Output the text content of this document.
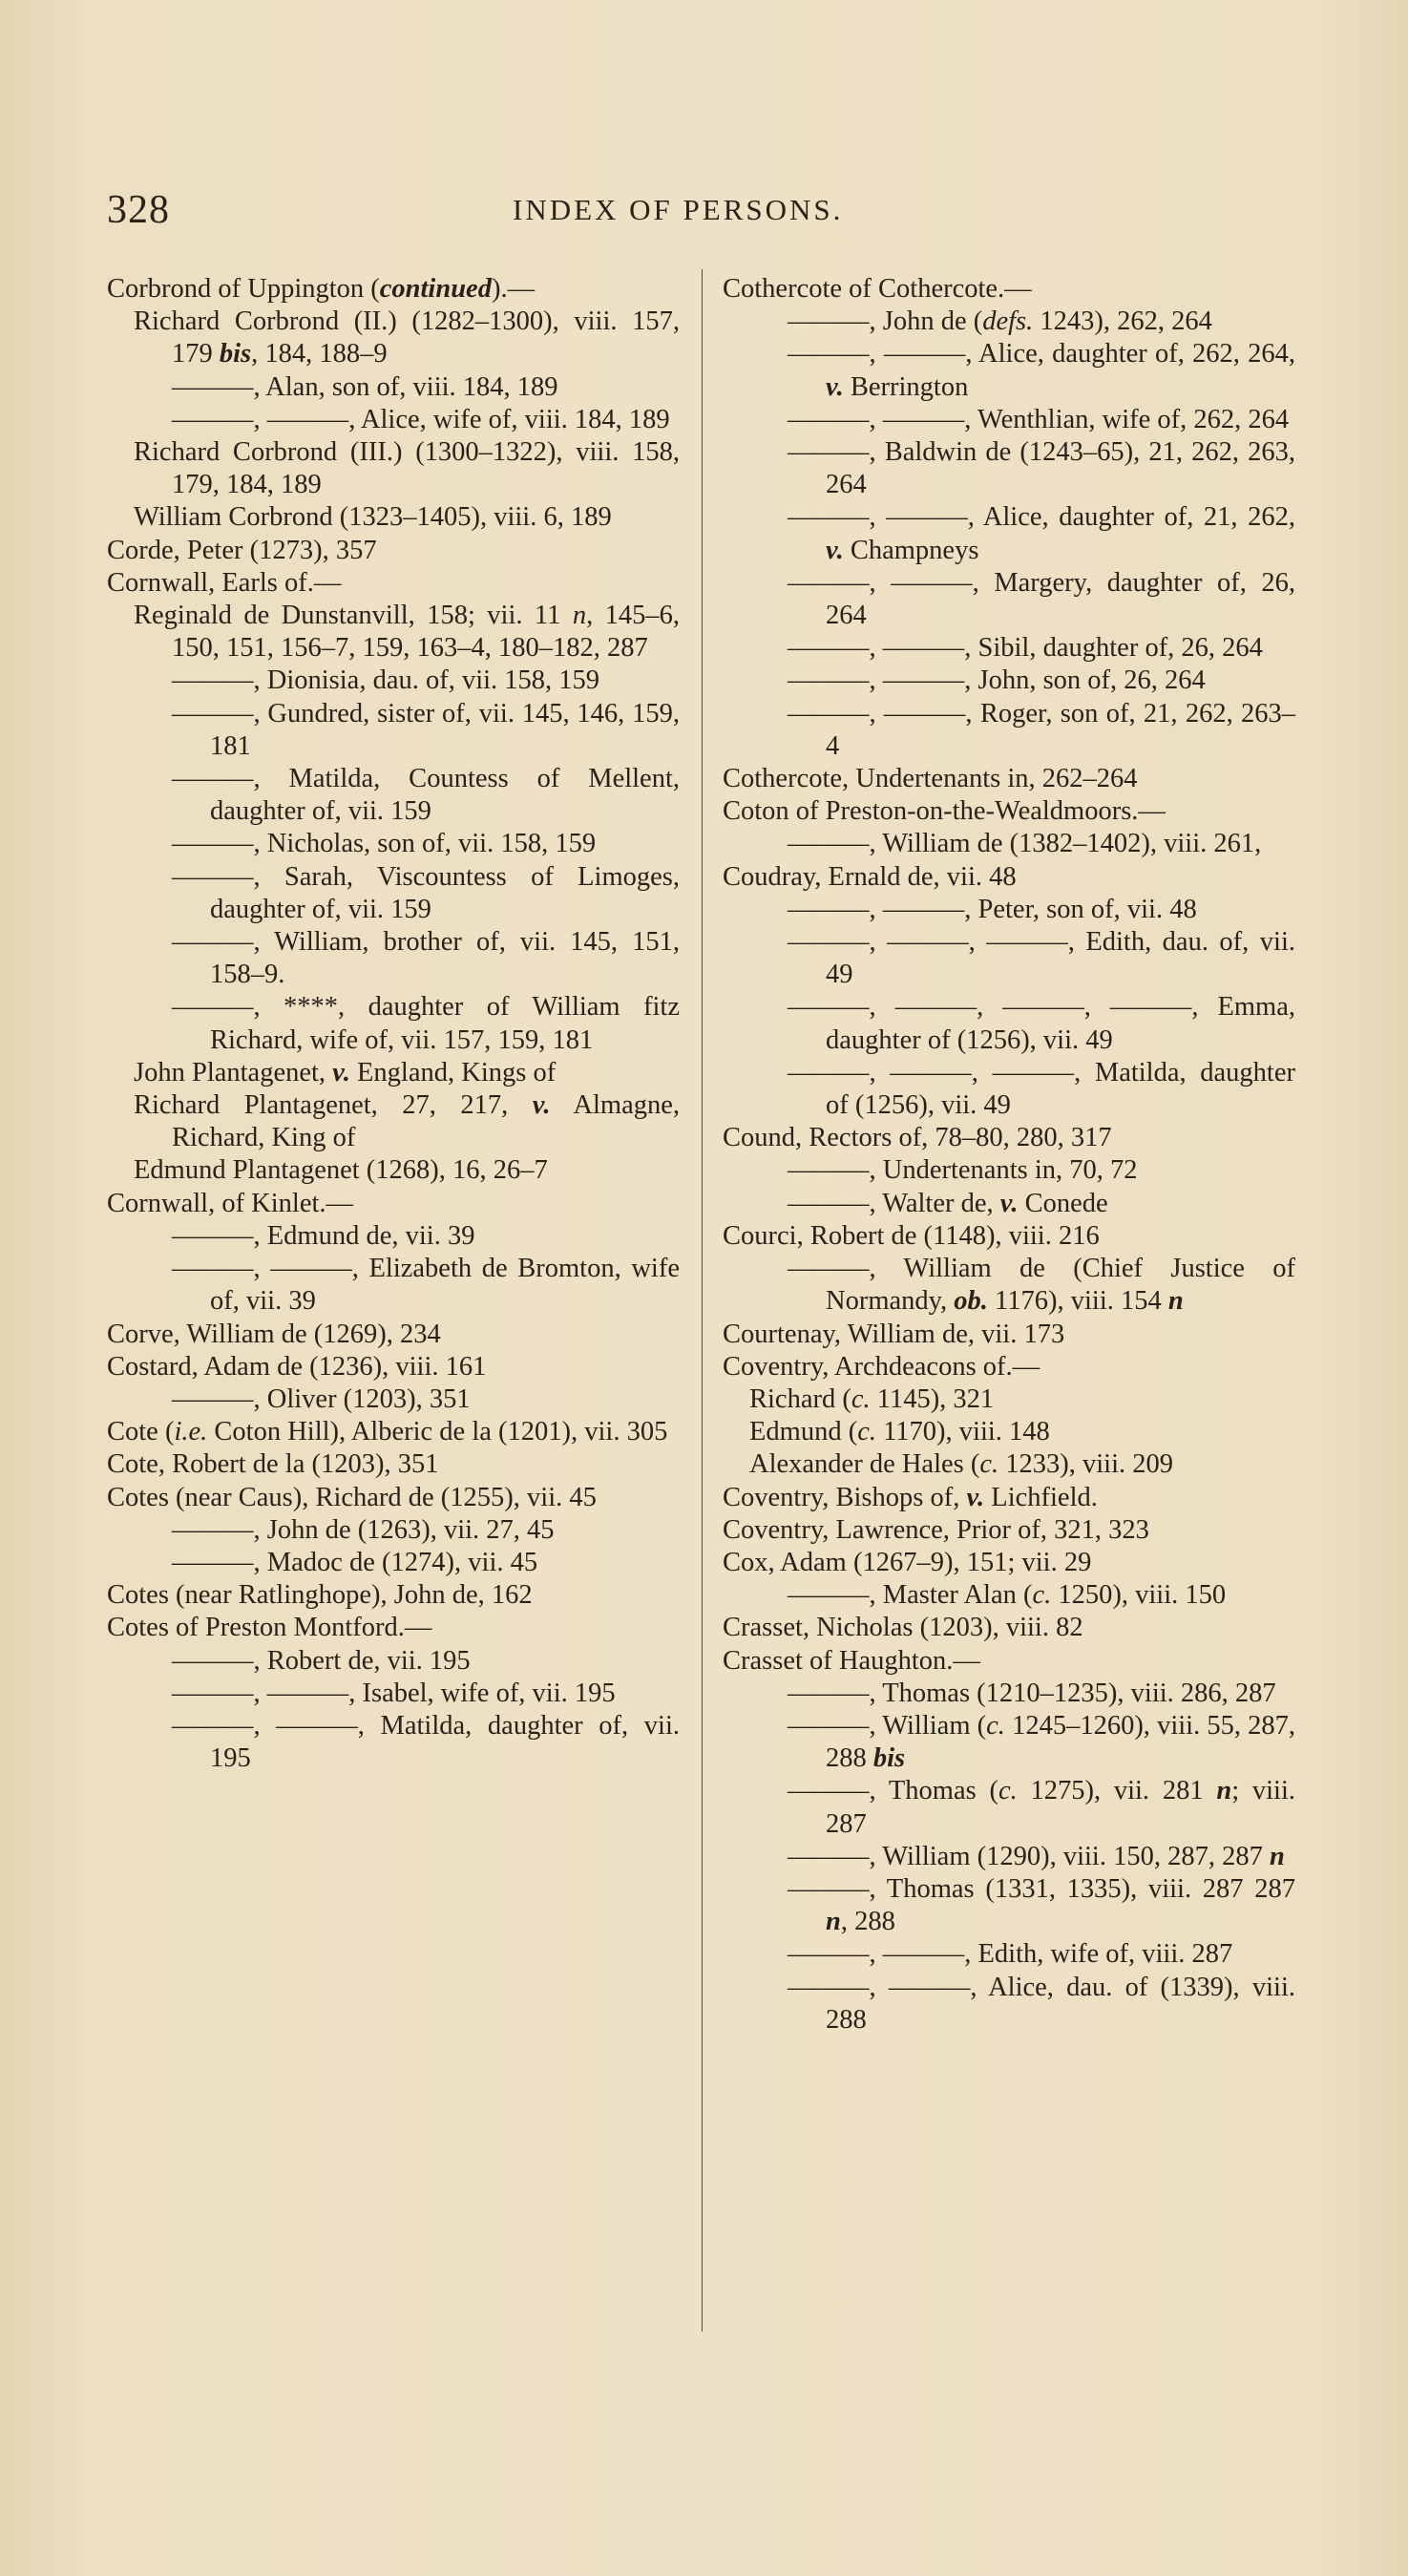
328	INDEX OF PERSONS.
Corbrond of Uppington (continued).—
Richard Corbrond (II.) (1282–1300), viii. 157, 179 bis, 184, 188–9
———, Alan, son of, viii. 184, 189
———, ———, Alice, wife of, viii. 184, 189
Richard Corbrond (III.) (1300–1322), viii. 158, 179, 184, 189
William Corbrond (1323–1405), viii. 6, 189
Corde, Peter (1273), 357
Cornwall, Earls of.—
Reginald de Dunstanvill, 158; vii. 11 n, 145–6, 150, 151, 156–7, 159, 163–4, 180–182, 287
———, Dionisia, dau. of, vii. 158, 159
———, Gundred, sister of, vii. 145, 146, 159, 181
———, Matilda, Countess of Mellent, daughter of, vii. 159
———, Nicholas, son of, vii. 158, 159
———, Sarah, Viscountess of Limoges, daughter of, vii. 159
———, William, brother of, vii. 145, 151, 158–9.
———, ****, daughter of William fitz Richard, wife of, vii. 157, 159, 181
John Plantagenet, v. England, Kings of
Richard Plantagenet, 27, 217, v. Almagne, Richard, King of
Edmund Plantagenet (1268), 16, 26–7
Cornwall, of Kinlet.—
———, Edmund de, vii. 39
———, ———, Elizabeth de Bromton, wife of, vii. 39
Corve, William de (1269), 234
Costard, Adam de (1236), viii. 161
———, Oliver (1203), 351
Cote (i.e. Coton Hill), Alberic de la (1201), vii. 305
Cote, Robert de la (1203), 351
Cotes (near Caus), Richard de (1255), vii. 45
———, John de (1263), vii. 27, 45
———, Madoc de (1274), vii. 45
Cotes (near Ratlinghope), John de, 162
Cotes of Preston Montford.—
———, Robert de, vii. 195
———, ———, Isabel, wife of, vii. 195
———, ———, Matilda, daughter of, vii. 195
Cothercote of Cothercote.—
———, John de (defs. 1243), 262, 264
———, ———, Alice, daughter of, 262, 264, v. Berrington
———, ———, Wenthlian, wife of, 262, 264
———, Baldwin de (1243–65), 21, 262, 263, 264
———, ———, Alice, daughter of, 21, 262, v. Champneys
———, ———, Margery, daughter of, 26, 264
———, ———, Sibil, daughter of, 26, 264
———, ———, John, son of, 26, 264
———, ———, Roger, son of, 21, 262, 263–4
Cothercote, Undertenants in, 262–264
Coton of Preston-on-the-Wealdmoors.—
———, William de (1382–1402), viii. 261,
Coudray, Ernald de, vii. 48
———, ———, Peter, son of, vii. 48
———, ———, ———, Edith, dau. of, vii. 49
———, ———, ———, ———, Emma, daughter of (1256), vii. 49
———, ———, ———, Matilda, daughter of (1256), vii. 49
Cound, Rectors of, 78–80, 280, 317
———, Undertenants in, 70, 72
———, Walter de, v. Conede
Courci, Robert de (1148), viii. 216
———, William de (Chief Justice of Normandy, ob. 1176), viii. 154 n
Courtenay, William de, vii. 173
Coventry, Archdeacons of.—
Richard (c. 1145), 321
Edmund (c. 1170), viii. 148
Alexander de Hales (c. 1233), viii. 209
Coventry, Bishops of, v. Lichfield.
Coventry, Lawrence, Prior of, 321, 323
Cox, Adam (1267–9), 151; vii. 29
———, Master Alan (c. 1250), viii. 150
Crasset, Nicholas (1203), viii. 82
Crasset of Haughton.—
———, Thomas (1210–1235), viii. 286, 287
———, William (c. 1245–1260), viii. 55, 287, 288 bis
———, Thomas (c. 1275), vii. 281 n; viii. 287
———, William (1290), viii. 150, 287, 287 n
———, Thomas (1331, 1335), viii. 287 287 n, 288
———, ———, Edith, wife of, viii. 287
———, ———, Alice, dau. of (1339), viii. 288
